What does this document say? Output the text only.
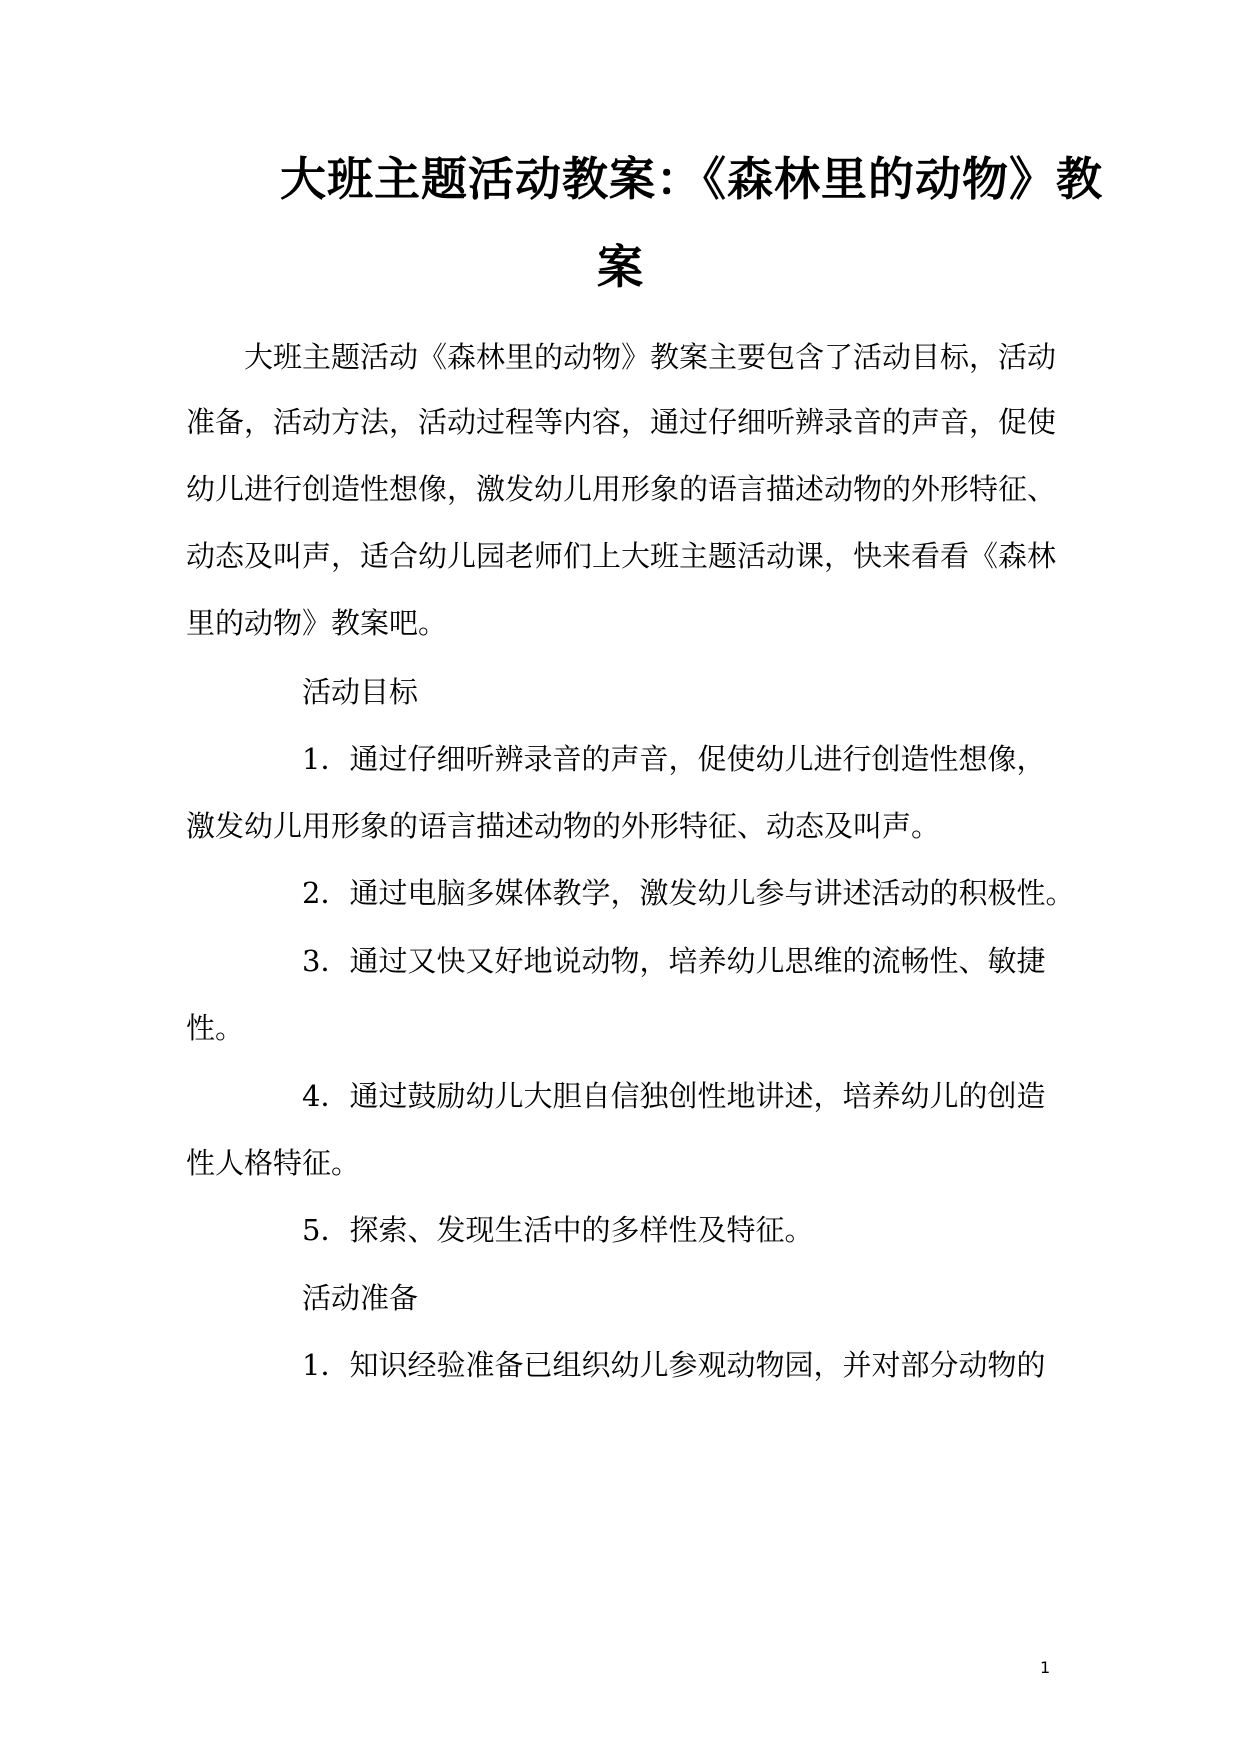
大班主题活动教案：《森林里的动物》教
案
大班主题活动《森林里的动物》教案主要包含了活动目标，活动
准备，活动方法，活动过程等内容，通过仔细听辨录音的声音，促使
幼儿进行创造性想像，激发幼儿用形象的语言描述动物的外形特征、
动态及叫声，适合幼儿园老师们上大班主题活动课，快来看看《森林
里的动物》教案吧。
活动目标
1．通过仔细听辨录音的声音，促使幼儿进行创造性想像，
激发幼儿用形象的语言描述动物的外形特征、动态及叫声。
2．通过电脑多媒体教学，激发幼儿参与讲述活动的积极性。
3．通过又快又好地说动物，培养幼儿思维的流畅性、敏捷
性。
4．通过鼓励幼儿大胆自信独创性地讲述，培养幼儿的创造
性人格特征。
5．探索、发现生活中的多样性及特征。
活动准备
1．知识经验准备已组织幼儿参观动物园，并对部分动物的
1
